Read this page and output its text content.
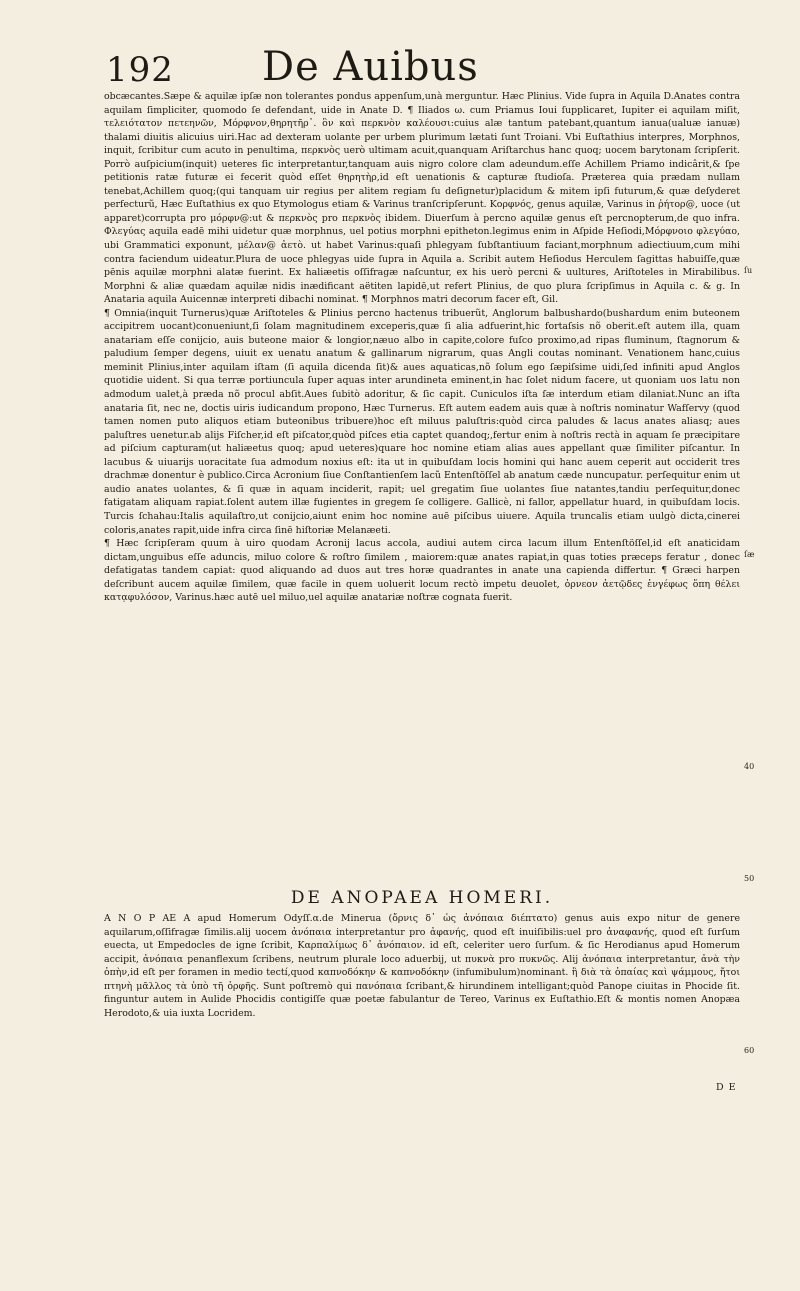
192 De Auibus

obcæcantes.Sæpe & aquilæ ipſæ non tolerantes pondus appenſum,unà merguntur. Hæc Plinius. Vide ſupra in Aquila D.Anates contra aquilam ſimpliciter, quomodo ſe defendant, uide in Anate D. ¶ Iliados ω. cum Priamus Ioui ſupplicaret, Iupiter ei aquilam miſit, τελειότατον πετεηνῶν, Μόρφνον,θηρητῆρ᾽. ὃν καὶ περκνὸν καλέουσι:cuius alæ tantum patebant,quantum ianua(ualuæ ianuæ) thalami diuitis alicuius uiri.Hac ad dexteram uolante per urbem plurimum lætati ſunt Troiani. Vbi Euſtathius interpres, Morphnos, inquit, ſcribitur cum acuto in penultima, περκνὸς uerò ultimam acuit,quanquam Ariſtarchus hanc quoq; uocem barytonam ſcripſerit. Porrò auſpicium(inquit) ueteres ſic interpretantur,tanquam auis nigro colore clam adeundum.eſſe Achillem Priamo indicârit,& ſpe petitionis ratæ futuræ ei fecerit quòd eſſet θηρητὴρ,id eſt uenationis & capturæ ſtudioſa. Præterea quia prædam nullam tenebat,Achillem quoq;(qui tanquam uir regius per alitem regiam ſu deſignetur)placidum & mitem ipſi futurum,& quæ deſyderet perfecturũ, Hæc Euſtathius ex quo Etymologus etiam & Varinus tranſcripſerunt. Κορφνός, genus aquilæ, Varinus in ῥήτορ@, uoce (ut apparet)corrupta pro μόρφν@:ut & περκνὸς pro περκνὸς ibidem. Diuerſum à percno aquilæ genus eſt percnopterum,de quo infra. Φλεγύας aquila eadē mihi uidetur quæ morphnus, uel potius morphni epitheton.legimus enim in Aſpide Heſiodi,Μόρφνοιο φλεγύαο, ubi Grammatici exponunt, μέλαν@ ἀετὸ. ut habet Varinus:quaſi phlegyam ſubſtantiuum faciant,morphnum adiectiuum,cum mihi contra faciendum uideatur.Plura de uoce phlegyas uide ſupra in Aquila a. Scribit autem Heſiodus Herculem ſagittas habuiſſe,quæ pēnis aquilæ morphni alatæ fuerint. Ex haliæetis oſſifragæ naſcuntur, ex his uerò percni & uultures, Ariſtoteles in Mirabilibus. Morphni & aliæ quædam aquilæ nidis inædificant aëtiten lapidē,ut refert Plinius, de quo plura ſcripſimus in Aquila c. & g. In Anataria aquila Auicennæ interpreti dibachi nominat. ¶ Morphnos matri decorum facer eſt, Gil.

¶ Omnia(inquit Turnerus)quæ Ariſtoteles & Plinius percno hactenus tribuerũt, Anglorum balbushardo(bushardum enim buteonem accipitrem uocant)conueniunt,ſi ſolam magnitudinem exceperis,quæ ſi alia adfuerint,hic fortaſsis nõ oberit.eſt autem illa, quam anatariam eſſe conijcio, auis buteone maior & longior,næuo albo in capite,colore fuſco proximo,ad ripas fluminum, ſtagnorum & paludium ſemper degens, uiuit ex uenatu anatum & gallinarum nigrarum, quas Angli coutas nominant. Venationem hanc,cuius meminit Plinius,inter aquilam iſtam (ſi aquila dicenda ſit)& aues aquaticas,nõ ſolum ego ſæpiſsime uidi,ſed infiniti apud Anglos quotidie uident. Si qua terræ portiuncula ſuper aquas inter arundineta eminent,in hac ſolet nidum facere, ut quoniam uos latu non admodum ualet,à præda nõ procul abſit.Aues ſubitò adoritur, & ſic capit. Cuniculos iſta ſæ interdum etiam dilaniat.Nunc an iſta anataria ſit, nec ne, doctis uiris iudicandum propono, Hæc Turnerus. Eſt autem eadem auis quæ à noſtris nominatur Wafſervy (quod tamen nomen puto aliquos etiam buteonibus tribuere)hoc eſt miluus paluſtris:quòd circa paludes & lacus anates aliasq; aues paluſtres uenetur.ab alijs Fiſcher,id eſt piſcator,quòd piſces etia captet quandoq;,fertur enim à noſtris rectà in aquam ſe præcipitare ad piſcium capturam(ut haliæetus quoq; apud ueteres)quare hoc nomine etiam alias aues appellant quæ ſimiliter piſcantur. In lacubus & uiuarijs uoracitate ſua admodum noxius eſt: ita ut in quibuſdam locis homini qui hanc auem ceperit aut occiderit tres drachmæ donentur è publico.Circa Acronium ſiue Conſtantienſem lacũ Entenſtöſſel ab anatum cæde nuncupatur. perſequitur enim ut audio anates uolantes, & ſi quæ in aquam inciderit, rapit; uel gregatim ſiue uolantes ſiue natantes,tandiu perſequitur,donec fatigatam aliquam rapiat.ſolent autem illæ fugientes in gregem ſe colligere. Gallicè, ni fallor, appellatur huard, in quibuſdam locis. Turcis ſchahau:Italis aquilaſtro,ut conijcio,aiunt enim hoc nomine auē piſcibus uiuere. Aquila truncalis etiam uulgò dicta,cinerei coloris,anates rapit,uide infra circa ſinē hiſtoriæ Melanæeti.

¶ Hæc ſcripſeram quum à uiro quodam Acronij lacus accola, audiui autem circa lacum illum Entenſtöſſel,id eſt anaticidam dictam,unguibus eſſe aduncis, miluo colore & roſtro ſimilem , maiorem:quæ anates rapiat,in quas toties præceps feratur , donec defatigatas tandem capiat: quod aliquando ad duos aut tres horæ quadrantes in anate una capienda differtur. ¶ Græci harpen deſcribunt aucem aquilæ ſimilem, quæ facile in quem uoluerit locum rectò impetu deuolet, ὀρνεον ἀετῷδες ἐνγέφως ὅπη θέλει κατᾳφυλόσον, Varinus.hæc autē uel miluo,uel aquilæ anatariæ noſtræ cognata fuerit.

DE ANOPAEA HOMERI.

A N O P AE A apud Homerum Odyſſ.α.de Minerua (ὄρνις δ᾽ ὡς ἀνόπαια διέπτατο) genus auis expo nitur de genere aquilarum,oſſifragæ ſimilis.alij uocem ἀνόπαια interpretantur pro ἀφανής, quod eſt inuiſibilis:uel pro ἀναφανής, quod eſt ſurſum euecta, ut Empedocles de igne ſcribit, Καρπαλίμως δ᾽ ἀνόπαιον. id eſt, celeriter uero ſurſum. & ſic Herodianus apud Homerum accipit, ἀνόπαια penanflexum ſcribens, neutrum plurale loco aduerbij, ut πυκνὰ pro πυκνῶς. Alij ἀνόπαια interpretantur, ἀνὰ τὴν ὀπὴν,id eſt per foramen in medio tectí,quod καπνοδόκην & καπνοδόκην (infumibulum)nominant. ἢ διὰ τὰ ὀπαίας καὶ ψάμμους, ἤτοι πτηνὴ μᾶλλος τὰ ὑπὸ τῆ ὀρφῆς. Sunt poſtremò qui πανόπαια ſcribant,& hirundinem intelligant;quòd Panope ciuitas in Phocide ſit. finguntur autem in Aulide Phocidis contigiſſe quæ poetæ fabulantur de Tereo, Varinus ex Euſtathio.Eſt & montis nomen Anopæa Herodoto,& uia iuxta Locridem.

ſu
ſæ
40
50
60
D E
